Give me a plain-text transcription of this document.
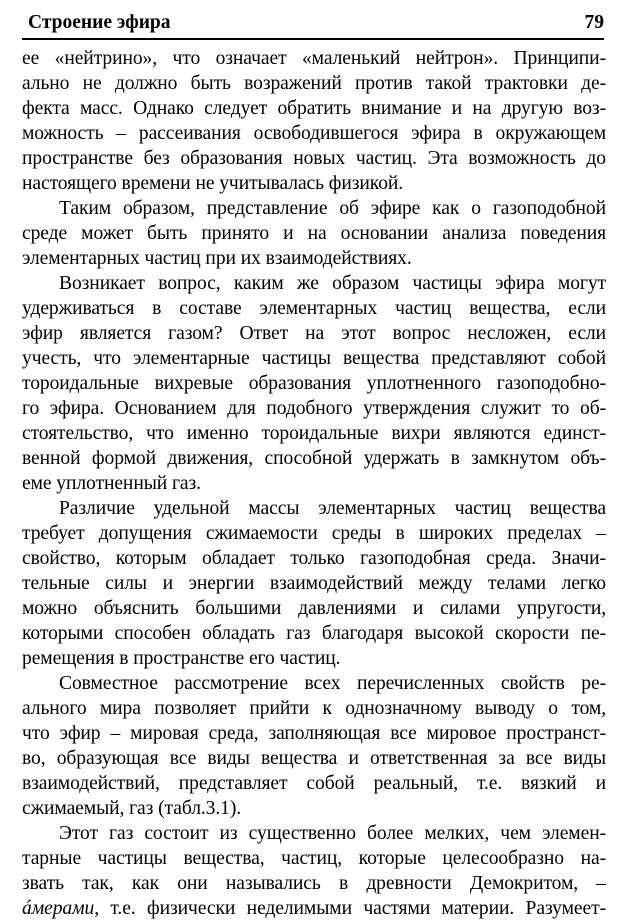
Строение эфира	79
ее «нейтрино», что означает «маленький нейтрон». Принципи-
ально не должно быть возражений против такой трактовки де-
фекта масс. Однако следует обратить внимание и на другую воз-
можность – рассеивания освободившегося эфира в окружающем
пространстве без образования новых частиц. Эта возможность до
настоящего времени не учитывалась физикой.
Таким образом, представление об эфире как о газоподобной
среде может быть принято и на основании анализа поведения
элементарных частиц при их взаимодействиях.
Возникает вопрос, каким же образом частицы эфира могут
удерживаться в составе элементарных частиц вещества, если
эфир является газом? Ответ на этот вопрос несложен, если
учесть, что элементарные частицы вещества представляют собой
тороидальные вихревые образования уплотненного газоподобно-
го эфира. Основанием для подобного утверждения служит то об-
стоятельство, что именно тороидальные вихри являются единст-
венной формой движения, способной удержать в замкнутом объ-
еме уплотненный газ.
Различие удельной массы элементарных частиц вещества
требует допущения сжимаемости среды в широких пределах –
свойство, которым обладает только газоподобная среда. Значи-
тельные силы и энергии взаимодействий между телами легко
можно объяснить большими давлениями и силами упругости,
которыми способен обладать газ благодаря высокой скорости пе-
ремещения в пространстве его частиц.
Совместное рассмотрение всех перечисленных свойств ре-
ального мира позволяет прийти к однозначному выводу о том,
что эфир – мировая среда, заполняющая все мировое пространст-
во, образующая все виды вещества и ответственная за все виды
взаимодействий, представляет собой реальный, т.е. вязкий и
сжимаемый, газ (табл.3.1).
Этот газ состоит из существенно более мелких, чем элемен-
тарные частицы вещества, частиц, которые целесообразно на-
звать так, как они назывались в древности Демокритом, –
áмерами, т.е. физически неделимыми частями материи. Разумеет-
